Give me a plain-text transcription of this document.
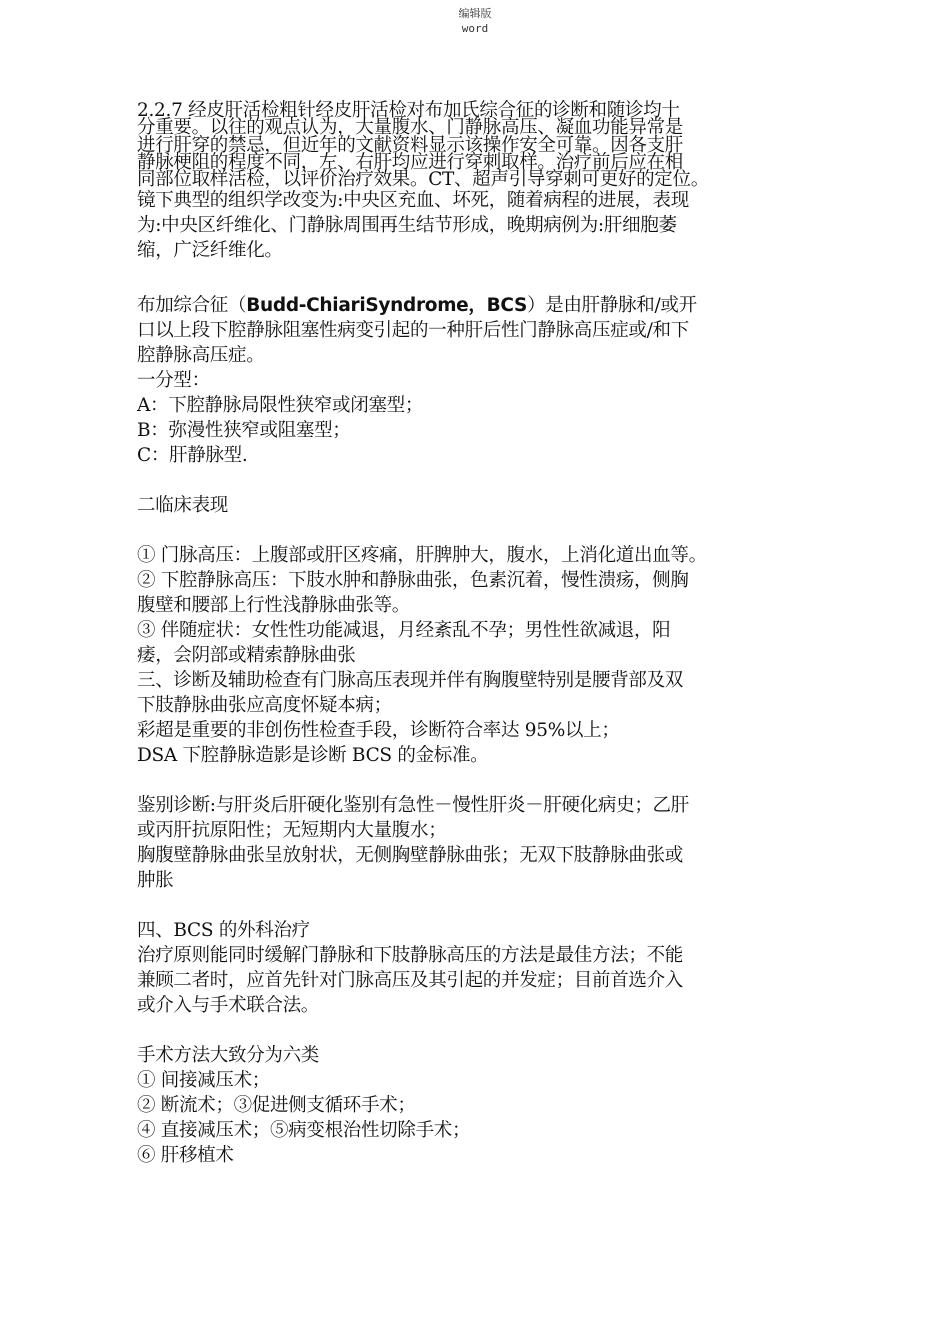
编辑版
word
2.2.7 经皮肝活检粗针经皮肝活检对布加氏综合征的诊断和随诊均十
分重要。以往的观点认为，大量腹水、门静脉高压、凝血功能异常是
进行肝穿的禁忌，但近年的文献资料显示该操作安全可靠。因各支肝
静脉梗阻的程度不同，左、右肝均应进行穿刺取样。治疗前后应在相
同部位取样活检，以评价治疗效果。CT、超声引导穿刺可更好的定位。
镜下典型的组织学改变为:中央区充血、坏死，随着病程的进展，表现
为:中央区纤维化、门静脉周围再生结节形成，晚期病例为:肝细胞萎
缩，广泛纤维化。
布加综合征（Budd-ChiariSyndrome，BCS）是由肝静脉和/或开
口以上段下腔静脉阻塞性病变引起的一种肝后性门静脉高压症或/和下
腔静脉高压症。
一分型：
A：下腔静脉局限性狭窄或闭塞型；
B：弥漫性狭窄或阻塞型；
C：肝静脉型.
二临床表现
① 门脉高压：上腹部或肝区疼痛，肝脾肿大，腹水，上消化道出血等。
② 下腔静脉高压：下肢水肿和静脉曲张，色素沉着，慢性溃疡，侧胸
腹壁和腰部上行性浅静脉曲张等。
③ 伴随症状：女性性功能减退，月经紊乱不孕；男性性欲减退，阳
痿，会阴部或精索静脉曲张
三、诊断及辅助检查有门脉高压表现并伴有胸腹壁特别是腰背部及双
下肢静脉曲张应高度怀疑本病；
彩超是重要的非创伤性检查手段，诊断符合率达 95%以上；
DSA 下腔静脉造影是诊断 BCS 的金标准。
鉴别诊断:与肝炎后肝硬化鉴别有急性－慢性肝炎－肝硬化病史；乙肝
或丙肝抗原阳性；无短期内大量腹水；
胸腹壁静脉曲张呈放射状，无侧胸壁静脉曲张；无双下肢静脉曲张或
肿胀
四、BCS 的外科治疗
治疗原则能同时缓解门静脉和下肢静脉高压的方法是最佳方法；不能
兼顾二者时，应首先针对门脉高压及其引起的并发症；目前首选介入
或介入与手术联合法。
手术方法大致分为六类
① 间接减压术；
② 断流术；③促进侧支循环手术；
④ 直接减压术；⑤病变根治性切除手术；
⑥ 肝移植术
